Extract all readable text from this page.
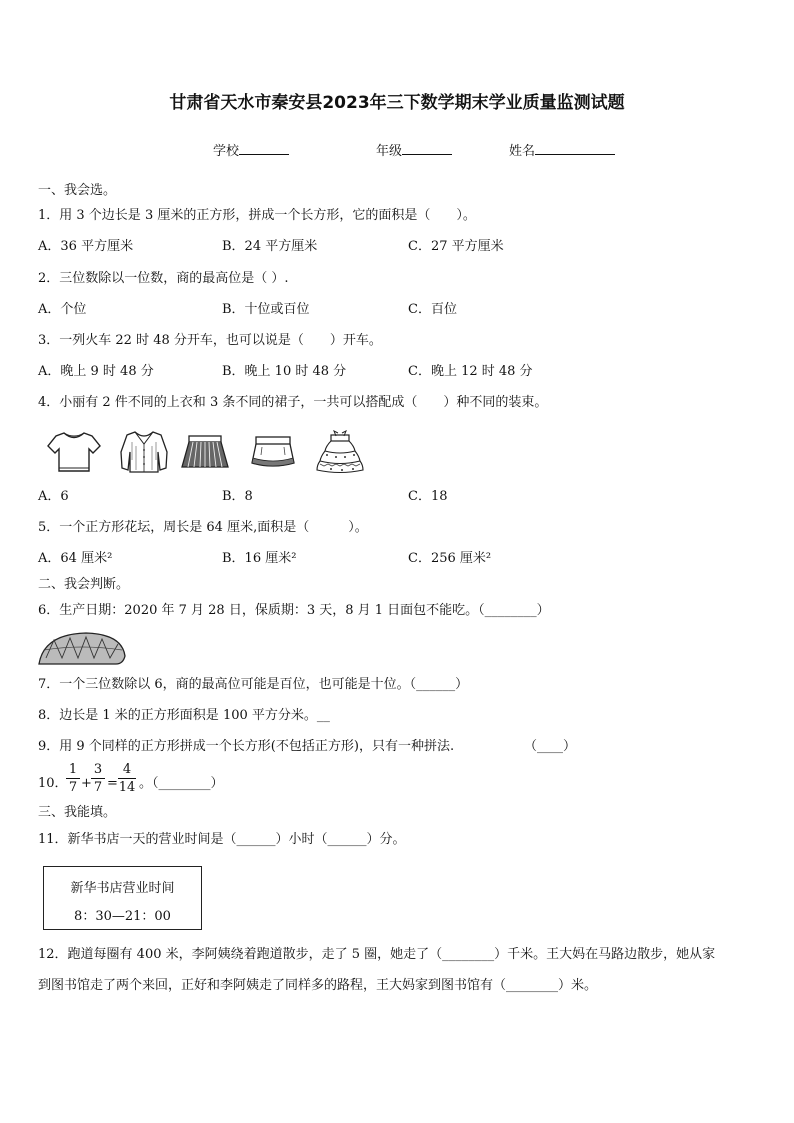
甘肃省天水市秦安县2023年三下数学期末学业质量监测试题
学校	年级	姓名
一、我会选。
1．用 3 个边长是 3 厘米的正方形，拼成一个长方形，它的面积是（　　）。
A．36 平方厘米	B．24 平方厘米	C．27 平方厘米
2．三位数除以一位数，商的最高位是（ ）.
A．个位	B．十位或百位	C．百位
3．一列火车 22 时 48 分开车，也可以说是（　　）开车。
A．晚上 9 时 48 分	B．晚上 10 时 48 分	C．晚上 12 时 48 分
4．小丽有 2 件不同的上衣和 3 条不同的裙子，一共可以搭配成（　　）种不同的装束。
A．6	B．8	C．18
5．一个正方形花坛，周长是 64 厘米,面积是（　　　）。
A．64 厘米²	B．16 厘米²	C．256 厘米²
二、我会判断。
6．生产日期：2020 年 7 月 28 日，保质期：3 天，8 月 1 日面包不能吃。（________）
7．一个三位数除以 6，商的最高位可能是百位，也可能是十位。（______）
8．边长是 1 米的正方形面积是 100 平方分米。__
9．用 9 个同样的正方形拼成一个长方形(不包括正方形)，只有一种拼法.	（____）
10．
1
7 +
3
7 =
4
14 。（________）
三、我能填。
11．新华书店一天的营业时间是（______）小时（______）分。
新华书店营业时间
8：30—21：00
12．跑道每圈有 400 米，李阿姨绕着跑道散步，走了 5 圈，她走了（________）千米。王大妈在马路边散步，她从家
到图书馆走了两个来回，正好和李阿姨走了同样多的路程，王大妈家到图书馆有（________）米。
